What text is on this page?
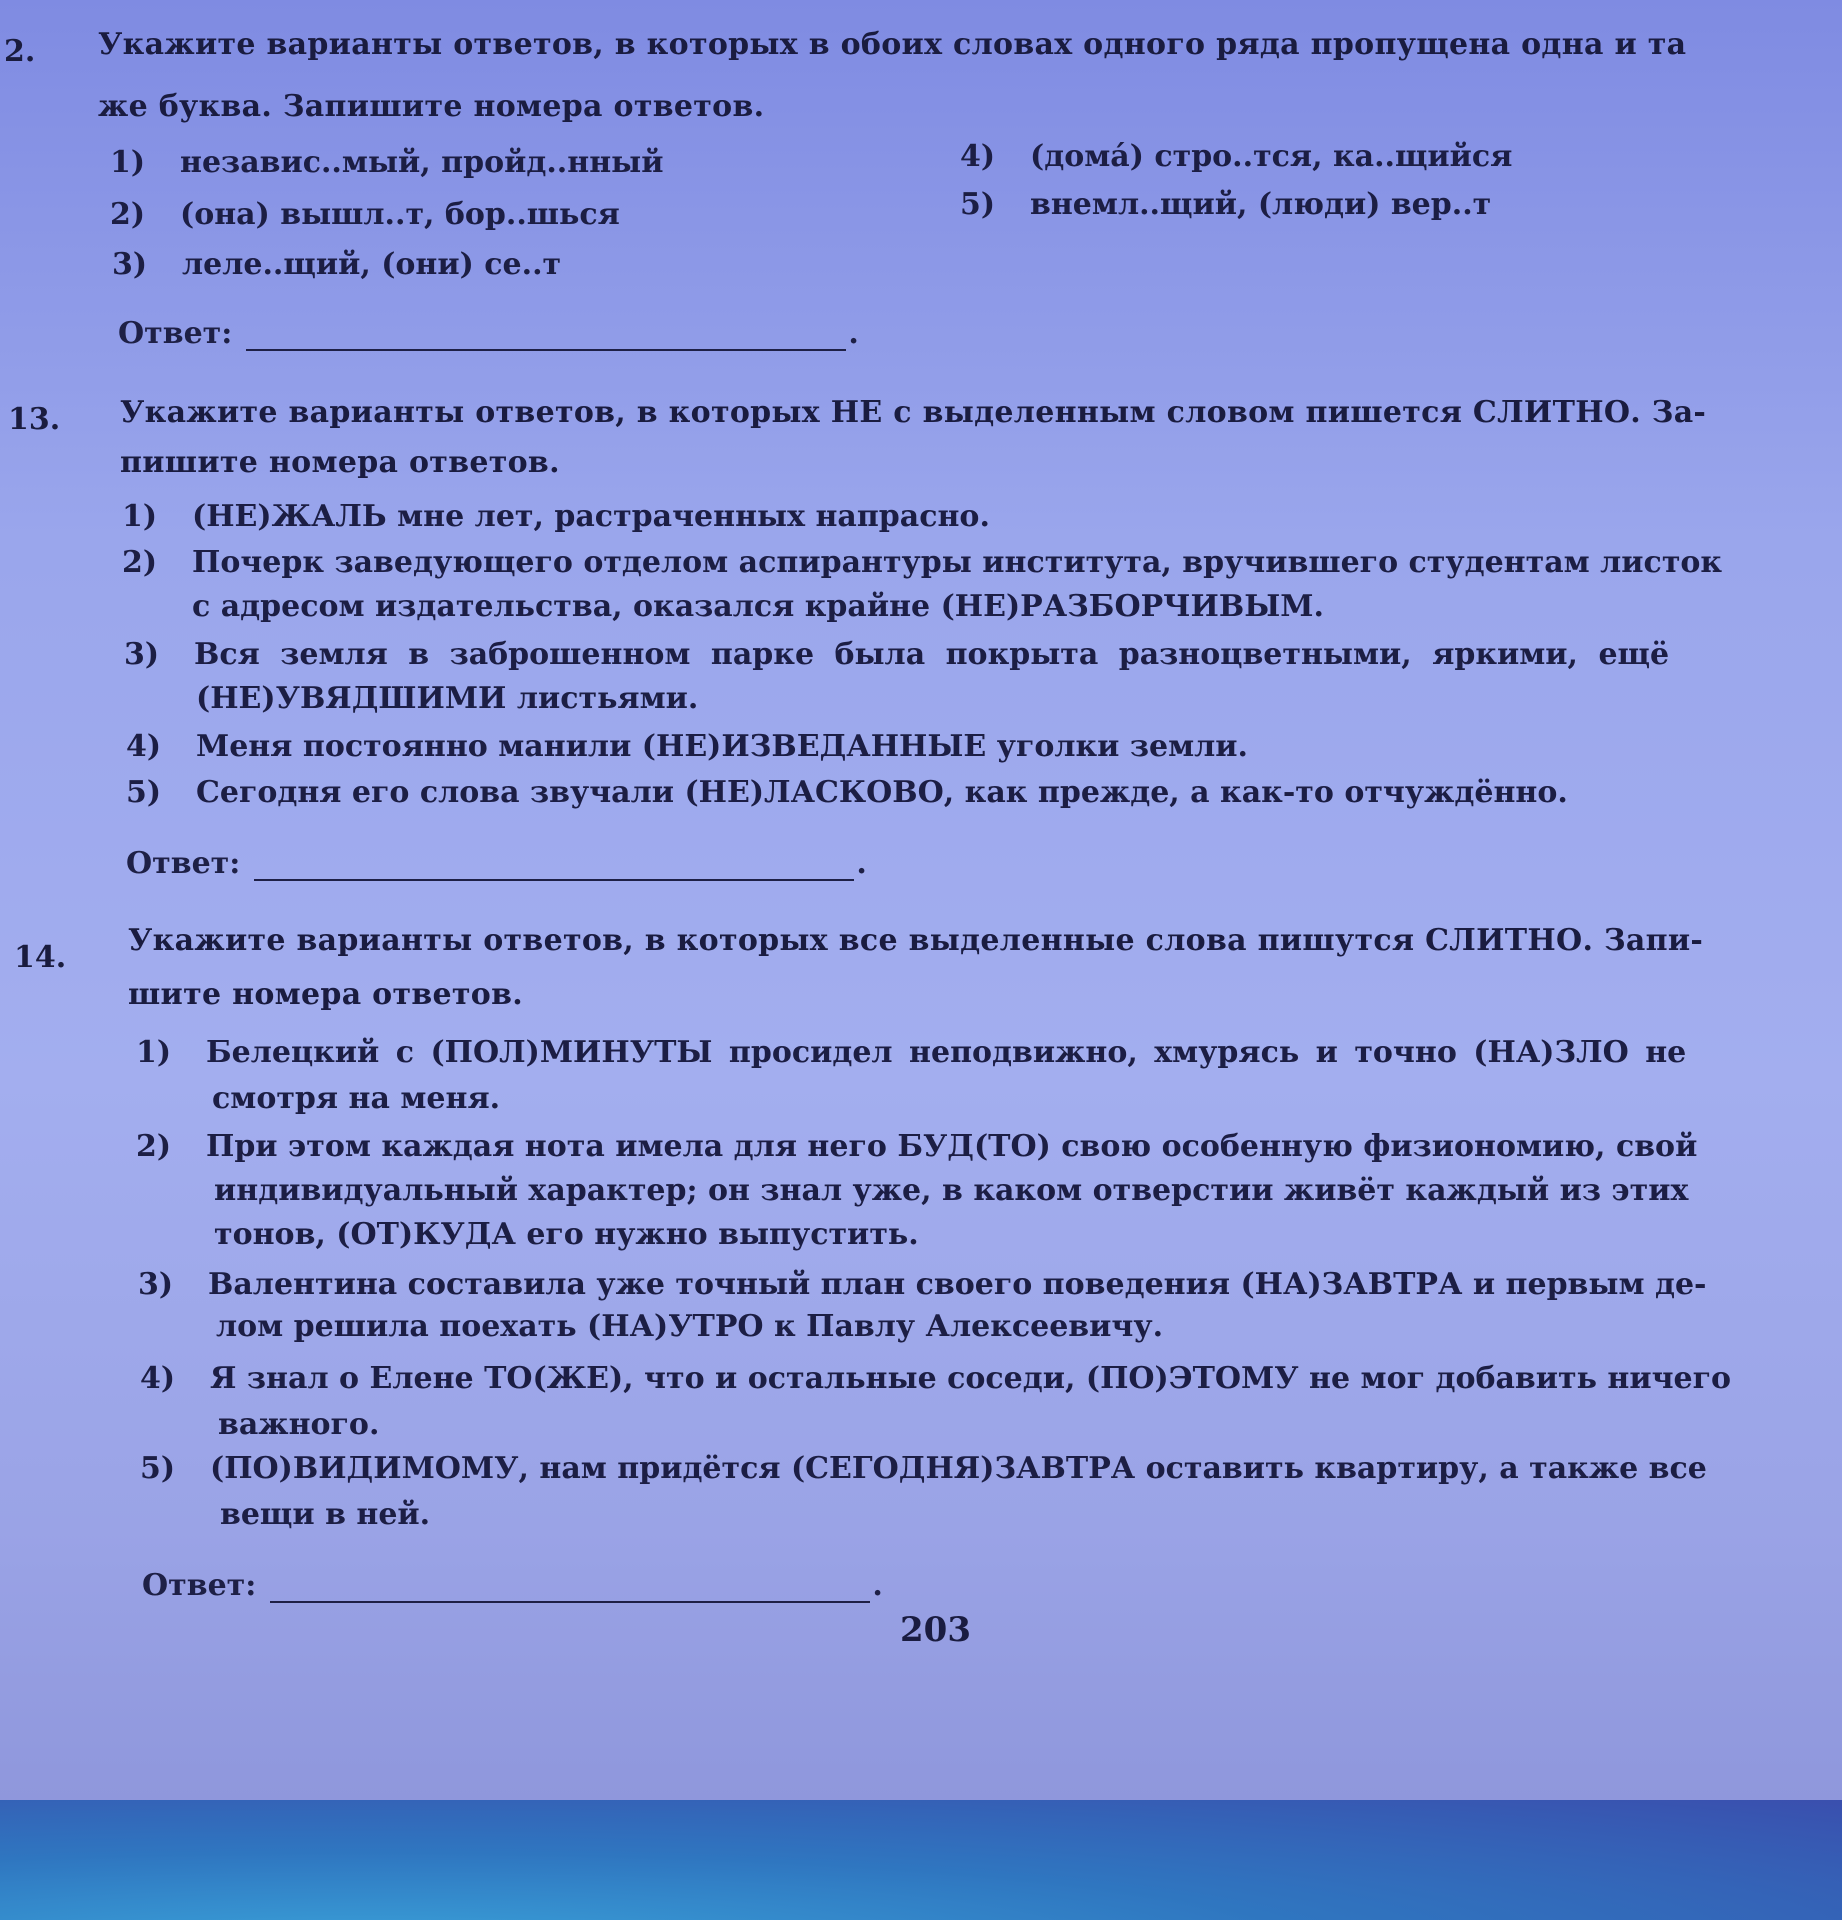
2. Укажите варианты ответов, в которых в обоих словах одного ряда пропущена одна и та
же буква. Запишите номера ответов.
1) независ..мый, пройд..нный
2) (она) вышл..т, бор..шься
3) леле..щий, (они) се..т
4) (домá) стро..тся, ка..щийся
5) внемл..щий, (люди) вер..т
Ответ:	.
13. Укажите варианты ответов, в которых НЕ с выделенным словом пишется СЛИТНО. За-
пишите номера ответов.
1) (НЕ)ЖАЛЬ мне лет, растраченных напрасно.
2) Почерк заведующего отделом аспирантуры института, вручившего студентам листок
с адресом издательства, оказался крайне (НЕ)РАЗБОРЧИВЫМ.
3) Вся земля в заброшенном парке была покрыта разноцветными, яркими, ещё
(НЕ)УВЯДШИМИ листьями.
4) Меня постоянно манили (НЕ)ИЗВЕДАННЫЕ уголки земли.
5) Сегодня его слова звучали (НЕ)ЛАСКОВО, как прежде, а как-то отчуждённо.
Ответ:	.
14. Укажите варианты ответов, в которых все выделенные слова пишутся СЛИТНО. Запи-
шите номера ответов.
1) Белецкий с (ПОЛ)МИНУТЫ просидел неподвижно, хмурясь и точно (НА)ЗЛО не
смотря на меня.
2) При этом каждая нота имела для него БУД(ТО) свою особенную физиономию, свой
индивидуальный характер; он знал уже, в каком отверстии живёт каждый из этих
тонов, (ОТ)КУДА его нужно выпустить.
3) Валентина составила уже точный план своего поведения (НА)ЗАВТРА и первым де-
лом решила поехать (НА)УТРО к Павлу Алексеевичу.
4) Я знал о Елене ТО(ЖЕ), что и остальные соседи, (ПО)ЭТОМУ не мог добавить ничего
важного.
5) (ПО)ВИДИМОМУ, нам придётся (СЕГОДНЯ)ЗАВТРА оставить квартиру, а также все
вещи в ней.
Ответ:	.
203
